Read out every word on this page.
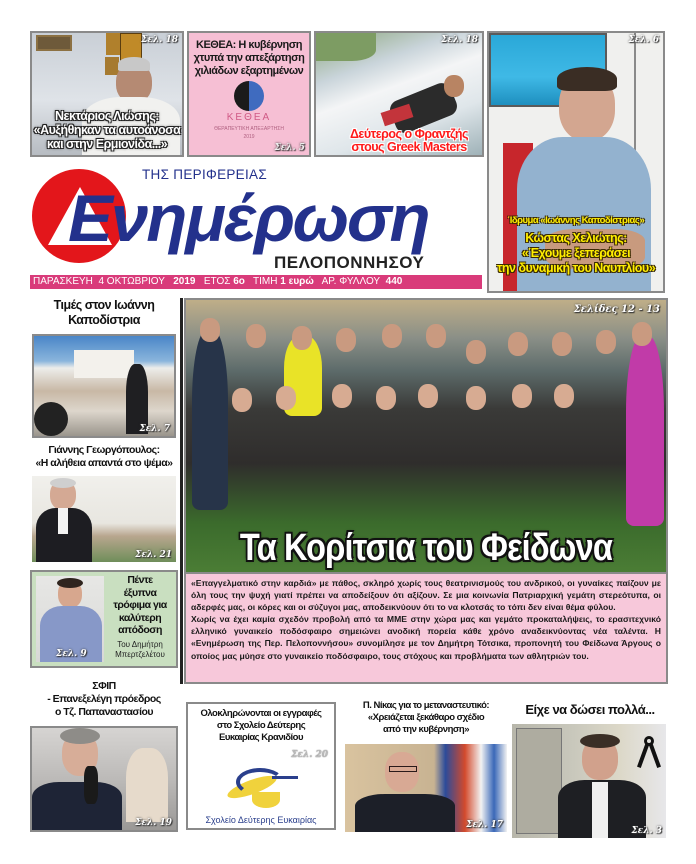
Σελ. 18
Νεκτάριος Λιώσης:
«Αυξήθηκαν τα αυτοάνοσα
και στην Ερμιονίδα...»
ΚΕΘΕΑ: Η κυβέρνηση
χτυπά την απεξάρτηση
χιλιάδων εξαρτημένων
ΚΕΘΕΑ
ΘΕΡΑΠΕΥΤΙΚΗ ΑΠΕΞΑΡΤΗΣΗ
2019
Σελ. 5
Σελ. 18
Δεύτερος ο Φραντζής
στους Greek Masters
Σελ. 6
Ίδρυμα «Ιωάννης Καποδίστριας»
Κώστας Χελιώτης:
«Έχουμε ξεπεράσει
την δυναμική του Ναυπλίου»
ΤΗΣ ΠΕΡΙΦΕΡΕΙΑΣ
Ενημέρωση
ΠΕΛΟΠΟΝΝΗΣΟΥ
ΠΑΡΑΣΚΕΥΗ 4 ΟΚΤΩΒΡΙΟΥ 2019 ΕΤΟΣ 6ο ΤΙΜΗ 1 ευρώ ΑΡ. ΦΥΛΛΟΥ 440
Τιμές στον Ιωάννη
Καποδίστρια
Σελ. 7
Γιάννης Γεωργόπουλος:
«Η αλήθεια απαντά στο ψέμα»
Σελ. 21
Σελ. 9
Πέντε
έξυπνα
τρόφιμα για
καλύτερη
απόδοση
Του Δημήτρη
Μπερτζελέτου
ΣΦΙΠ
- Επανεξελέγη πρόεδρος
ο Τζ. Παπαναστασίου
Σελ. 19
Σελίδες 12 - 13
Τα Κορίτσια του Φείδωνα

«Επαγγελματικό στην καρδιά» με πάθος, σκληρό χωρίς τους θεατρινισμούς του ανδρικού, οι γυναίκες παίζουν με όλη τους την ψυχή γιατί πρέπει να αποδείξουν ότι αξίζουν. Σε μια κοινωνία Πατριαρχική γεμάτη στερεότυπα, οι αδερφές μας, οι κόρες και οι σύζυγοι μας, αποδεικνύουν ότι το να κλοτσάς το τόπι δεν είναι θέμα φύλου.

Χωρίς να έχει καμία σχεδόν προβολή από τα ΜΜΕ στην χώρα μας και γεμάτο προκαταλήψεις, το ερασιτεχνικό ελληνικό γυναικείο ποδόσφαιρο σημειώνει ανοδική πορεία κάθε χρόνο αναδεικνύοντας νέα ταλέντα. Η «Ενημέρωση της Περ. Πελοποννήσου» συνομίλησε με τον Δημήτρη Τότσικα, προπονητή του Φείδωνα Άργους ο οποίος μας μύησε στο γυναικείο ποδόσφαιρο, τους στόχους και προβλήματα των αθλητριών του.

Ολοκληρώνονται οι εγγραφές
στο Σχολείο Δεύτερης
Ευκαιρίας Κρανιδίου
Σελ. 20
Σχολείο Δεύτερης Ευκαιρίας
Π. Νίκας για το μεταναστευτικό:
«Χρειάζεται ξεκάθαρο σχέδιο
από την κυβέρνηση»
Σελ. 17
Είχε να δώσει πολλά...
Σελ. 3
